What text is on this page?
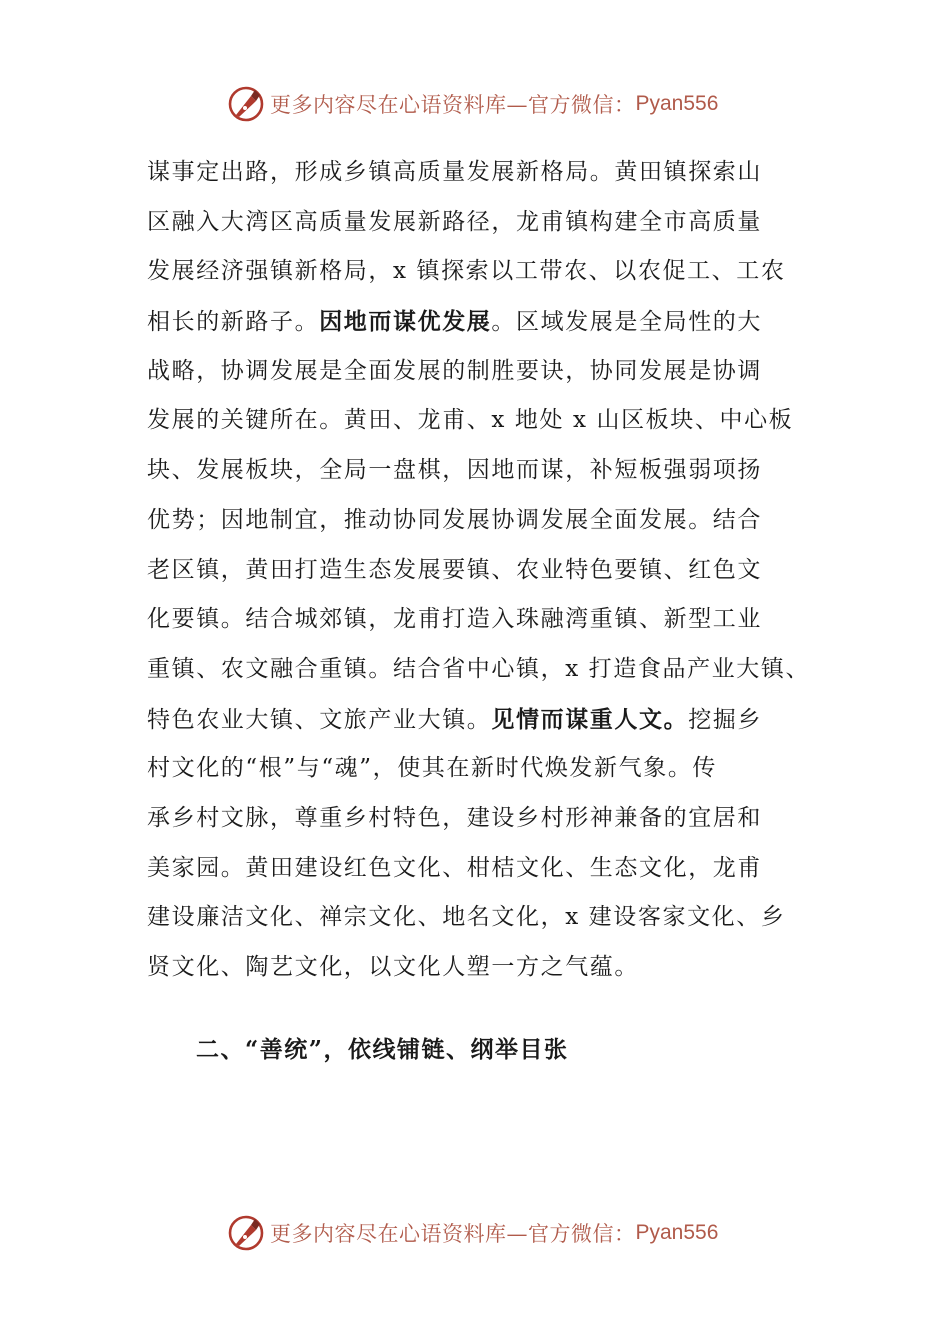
更多内容尽在心语资料库—官方微信： Pyan556
谋事定出路，形成乡镇高质量发展新格局。黄田镇探索山
区融入大湾区高质量发展新路径，龙甫镇构建全市高质量
发展经济强镇新格局，x 镇探索以工带农、以农促工、工农
相长的新路子。因地而谋优发展。区域发展是全局性的大
战略，协调发展是全面发展的制胜要诀，协同发展是协调
发展的关键所在。黄田、龙甫、x 地处 x 山区板块、中心板
块、发展板块，全局一盘棋，因地而谋，补短板强弱项扬
优势；因地制宜，推动协同发展协调发展全面发展。结合
老区镇，黄田打造生态发展要镇、农业特色要镇、红色文
化要镇。结合城郊镇，龙甫打造入珠融湾重镇、新型工业
重镇、农文融合重镇。结合省中心镇，x 打造食品产业大镇、
特色农业大镇、文旅产业大镇。见情而谋重人文。挖掘乡
村文化的“根”与“魂”，使其在新时代焕发新气象。传
承乡村文脉，尊重乡村特色，建设乡村形神兼备的宜居和
美家园。黄田建设红色文化、柑桔文化、生态文化，龙甫
建设廉洁文化、禅宗文化、地名文化，x 建设客家文化、乡
贤文化、陶艺文化，以文化人塑一方之气蕴。
二、“善统”，依线铺链、纲举目张
更多内容尽在心语资料库—官方微信： Pyan556
